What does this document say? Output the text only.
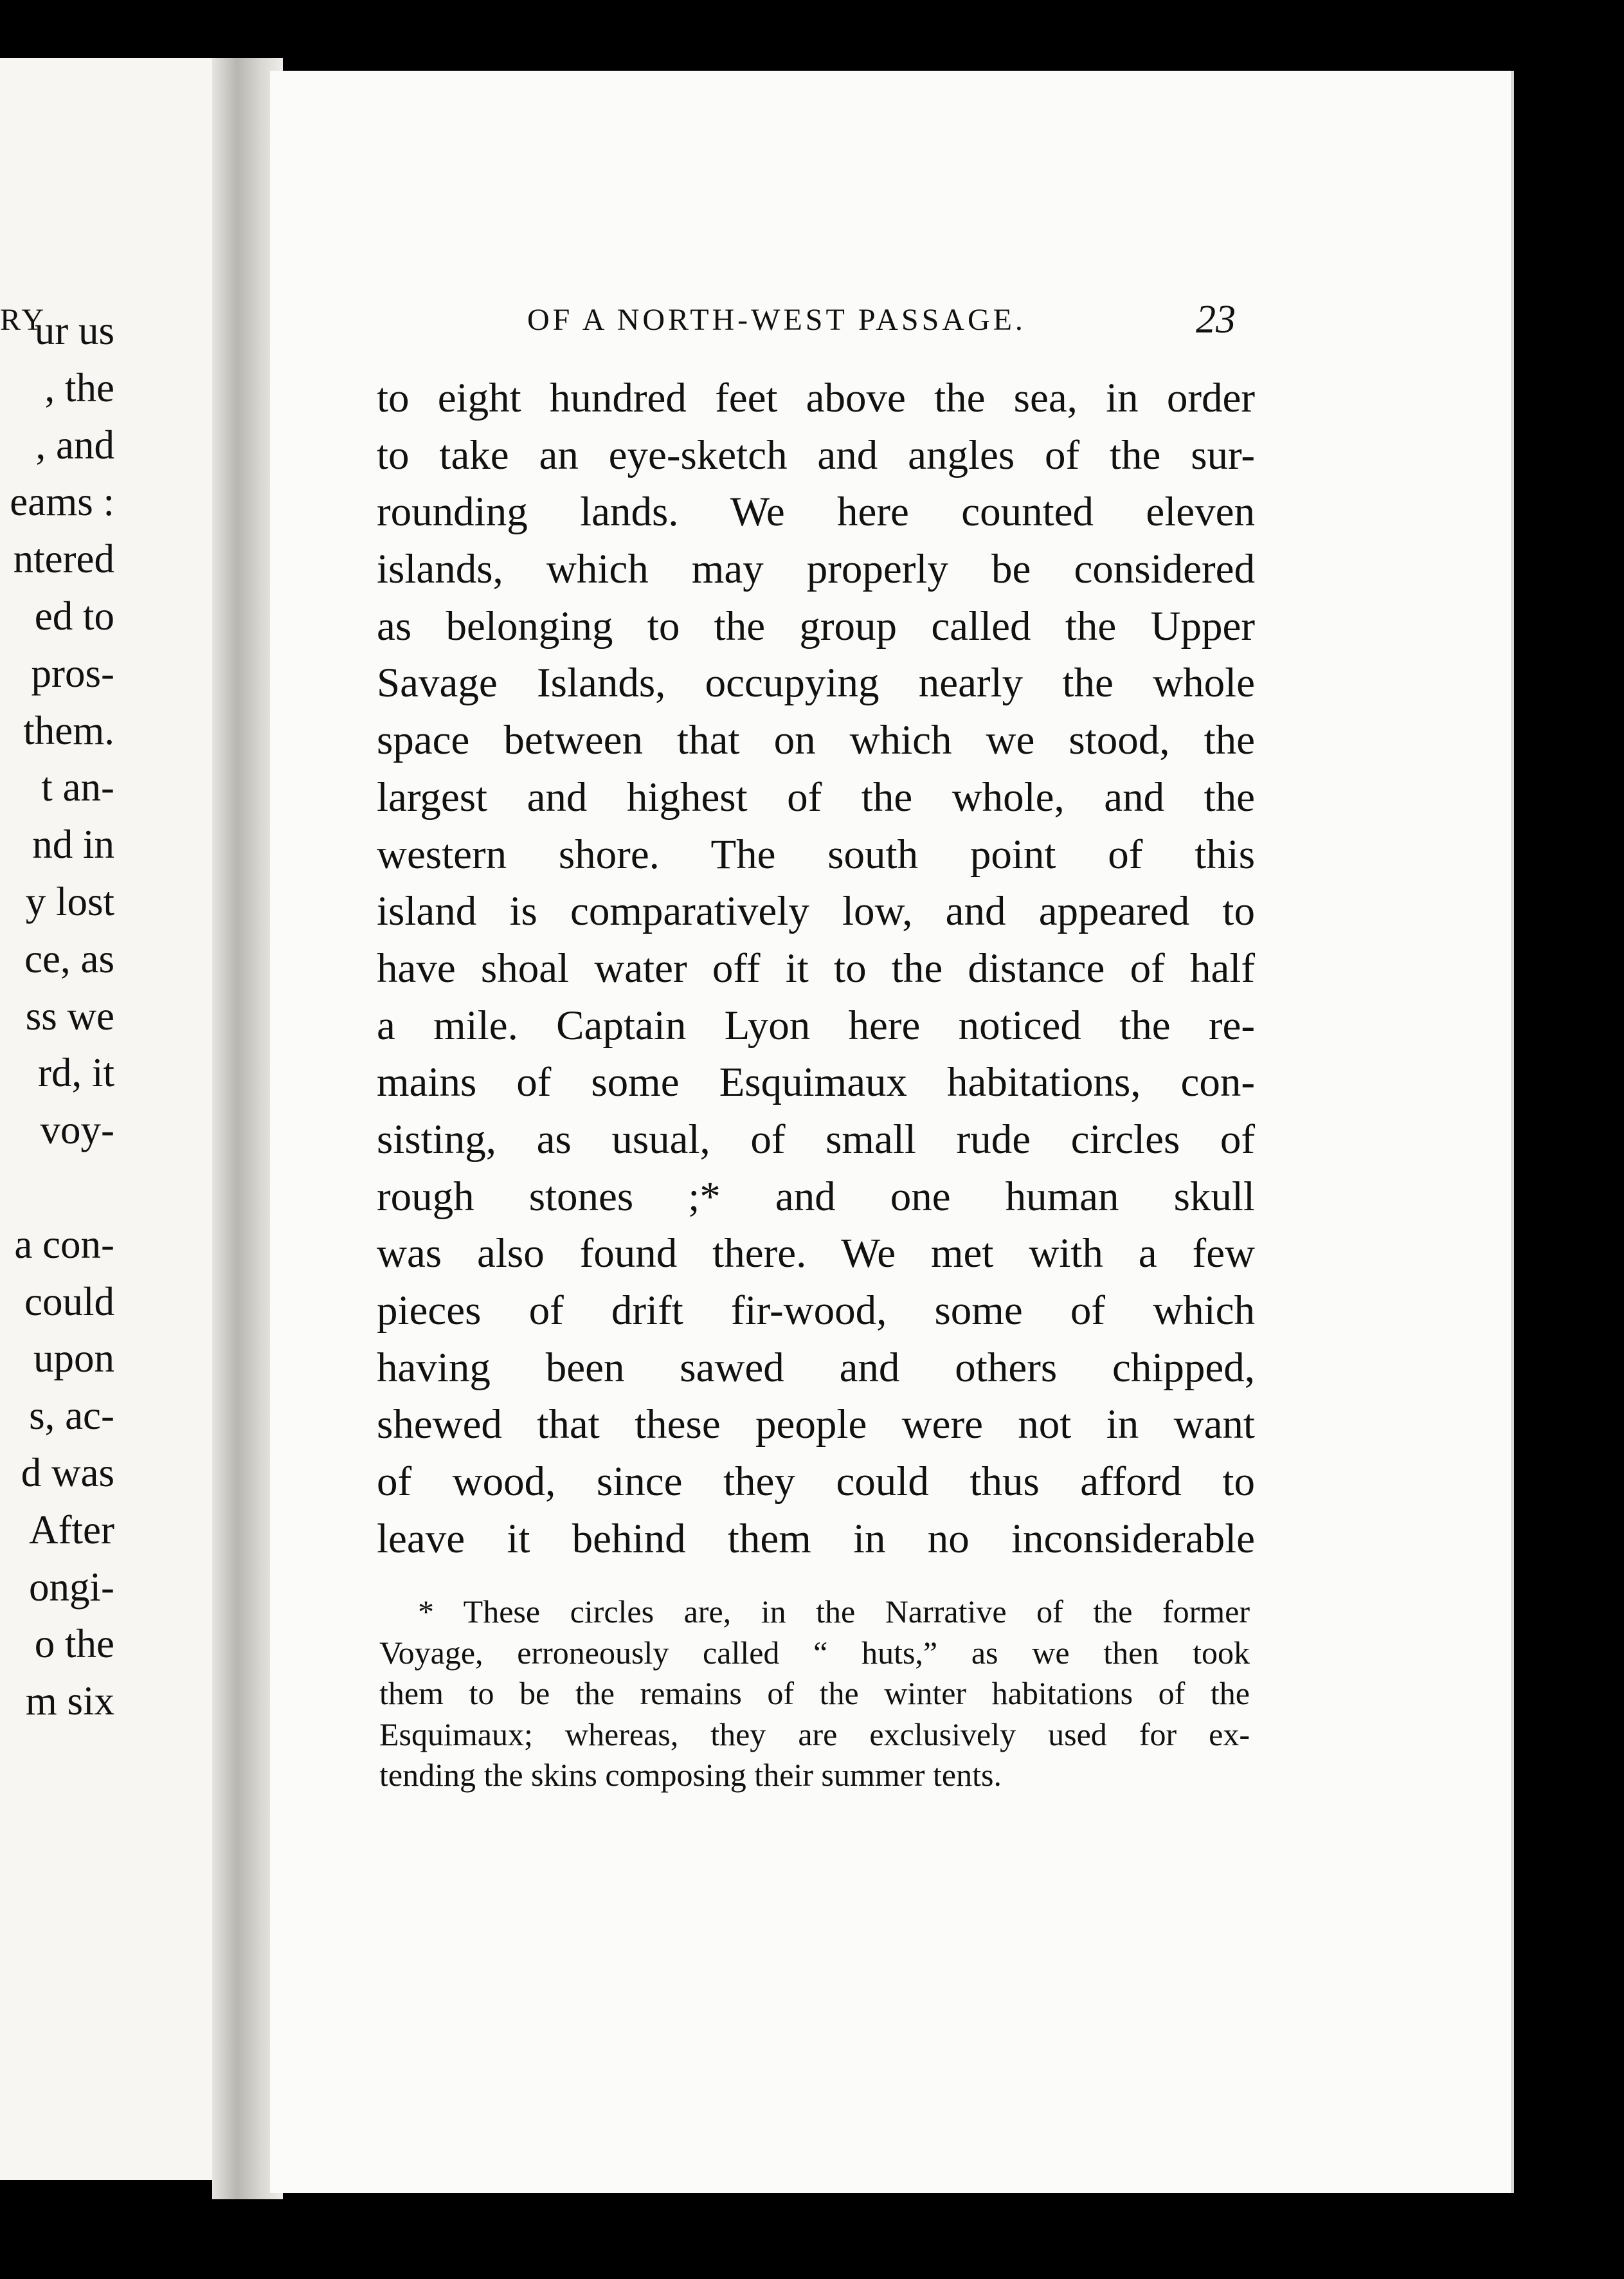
RY
ur us
, the
, and
eams :
ntered
ed to
pros-
them.
t an-
nd in
y lost
ce, as
ss we
rd, it
voy-
a con-
could
upon
s, ac-
d was
After
ongi-
o the
m six
OF A NORTH-WEST PASSAGE.	23
to eight hundred feet above the sea, in order
to take an eye-sketch and angles of the sur-
rounding lands. We here counted eleven
islands, which may properly be considered
as belonging to the group called the Upper
Savage Islands, occupying nearly the whole
space between that on which we stood, the
largest and highest of the whole, and the
western shore. The south point of this
island is comparatively low, and appeared to
have shoal water off it to the distance of half
a mile. Captain Lyon here noticed the re-
mains of some Esquimaux habitations, con-
sisting, as usual, of small rude circles of
rough stones ;* and one human skull
was also found there. We met with a few
pieces of drift fir-wood, some of which
having been sawed and others chipped,
shewed that these people were not in want
of wood, since they could thus afford to
leave it behind them in no inconsiderable
* These circles are, in the Narrative of the former
Voyage, erroneously called “ huts,” as we then took
them to be the remains of the winter habitations of the
Esquimaux; whereas, they are exclusively used for ex-
tending the skins composing their summer tents.
